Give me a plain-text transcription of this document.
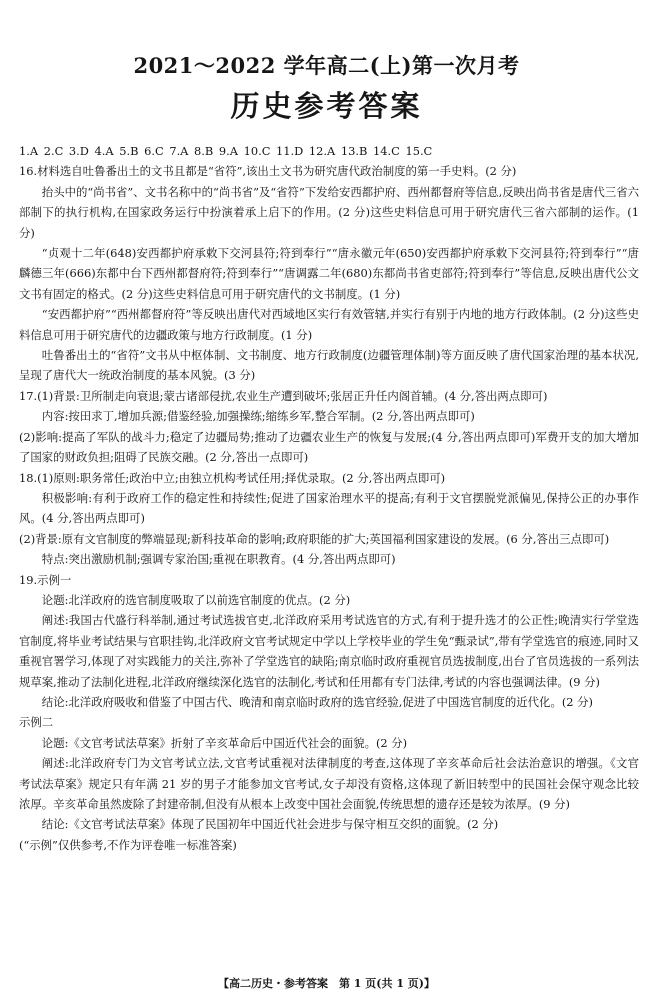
2021～2022 学年高二(上)第一次月考
历史参考答案

1.A 2.C 3.D 4.A 5.B 6.C 7.A 8.B 9.A 10.C 11.D 12.A 13.B 14.C 15.C

16.材料选自吐鲁番出土的文书且都是“省符”,该出土文书为研究唐代政治制度的第一手史料。(2 分)

抬头中的“尚书省”、文书名称中的“尚书省”及“省符”下发给安西都护府、西州都督府等信息,反映出尚书省是唐代三省六部制下的执行机构,在国家政务运行中扮演着承上启下的作用。(2 分)这些史料信息可用于研究唐代三省六部制的运作。(1 分)

“贞观十二年(648)安西都护府承敕下交河县符;符到奉行”“唐永徽元年(650)安西都护府承敕下交河县符;符到奉行”“唐麟德三年(666)东都中台下西州都督府符;符到奉行”“唐调露二年(680)东都尚书省吏部符;符到奉行”等信息,反映出唐代公文文书有固定的格式。(2 分)这些史料信息可用于研究唐代的文书制度。(1 分)

“安西都护府”“西州都督府符”等反映出唐代对西域地区实行有效管辖,并实行有别于内地的地方行政体制。(2 分)这些史料信息可用于研究唐代的边疆政策与地方行政制度。(1 分)

吐鲁番出土的“省符”文书从中枢体制、文书制度、地方行政制度(边疆管理体制)等方面反映了唐代国家治理的基本状况,呈现了唐代大一统政治制度的基本风貌。(3 分)

17.(1)背景:卫所制走向衰退;蒙古诸部侵扰,农业生产遭到破坏;张居正升任内阁首辅。(4 分,答出两点即可)

内容:按田求丁,增加兵源;借鉴经验,加强操练;缩练乡军,整合军制。(2 分,答出两点即可)

(2)影响:提高了军队的战斗力;稳定了边疆局势;推动了边疆农业生产的恢复与发展;(4 分,答出两点即可)军费开支的加大增加了国家的财政负担;阻碍了民族交融。(2 分,答出一点即可)

18.(1)原则:职务常任;政治中立;由独立机构考试任用;择优录取。(2 分,答出两点即可)

积极影响:有利于政府工作的稳定性和持续性;促进了国家治理水平的提高;有利于文官摆脱党派偏见,保持公正的办事作风。(4 分,答出两点即可)

(2)背景:原有文官制度的弊端显现;新科技革命的影响;政府职能的扩大;英国福利国家建设的发展。(6 分,答出三点即可)

特点:突出激励机制;强调专家治国;重视在职教育。(4 分,答出两点即可)

19.示例一

论题:北洋政府的选官制度吸取了以前选官制度的优点。(2 分)

阐述:我国古代盛行科举制,通过考试选拔官吏,北洋政府采用考试选官的方式,有利于提升选才的公正性;晚清实行学堂选官制度,将毕业考试结果与官职挂钩,北洋政府文官考试规定中学以上学校毕业的学生免“甄录试”,带有学堂选官的痕迹,同时又重视官署学习,体现了对实践能力的关注,弥补了学堂选官的缺陷;南京临时政府重视官员选拔制度,出台了官员选拔的一系列法规草案,推动了法制化进程,北洋政府继续深化选官的法制化,考试和任用都有专门法律,考试的内容也强调法律。(9 分)

结论:北洋政府吸收和借鉴了中国古代、晚清和南京临时政府的选官经验,促进了中国选官制度的近代化。(2 分)

示例二

论题:《文官考试法草案》折射了辛亥革命后中国近代社会的面貌。(2 分)

阐述:北洋政府专门为文官考试立法,文官考试重视对法律制度的考查,这体现了辛亥革命后社会法治意识的增强。《文官考试法草案》规定只有年满 21 岁的男子才能参加文官考试,女子却没有资格,这体现了新旧转型中的民国社会保守观念比较浓厚。辛亥革命虽然废除了封建帝制,但没有从根本上改变中国社会面貌,传统思想的遗存还是较为浓厚。(9 分)

结论:《文官考试法草案》体现了民国初年中国近代社会进步与保守相互交织的面貌。(2 分)

(“示例”仅供参考,不作为评卷唯一标准答案)

【高二历史・参考答案　第 1 页(共 1 页)】
